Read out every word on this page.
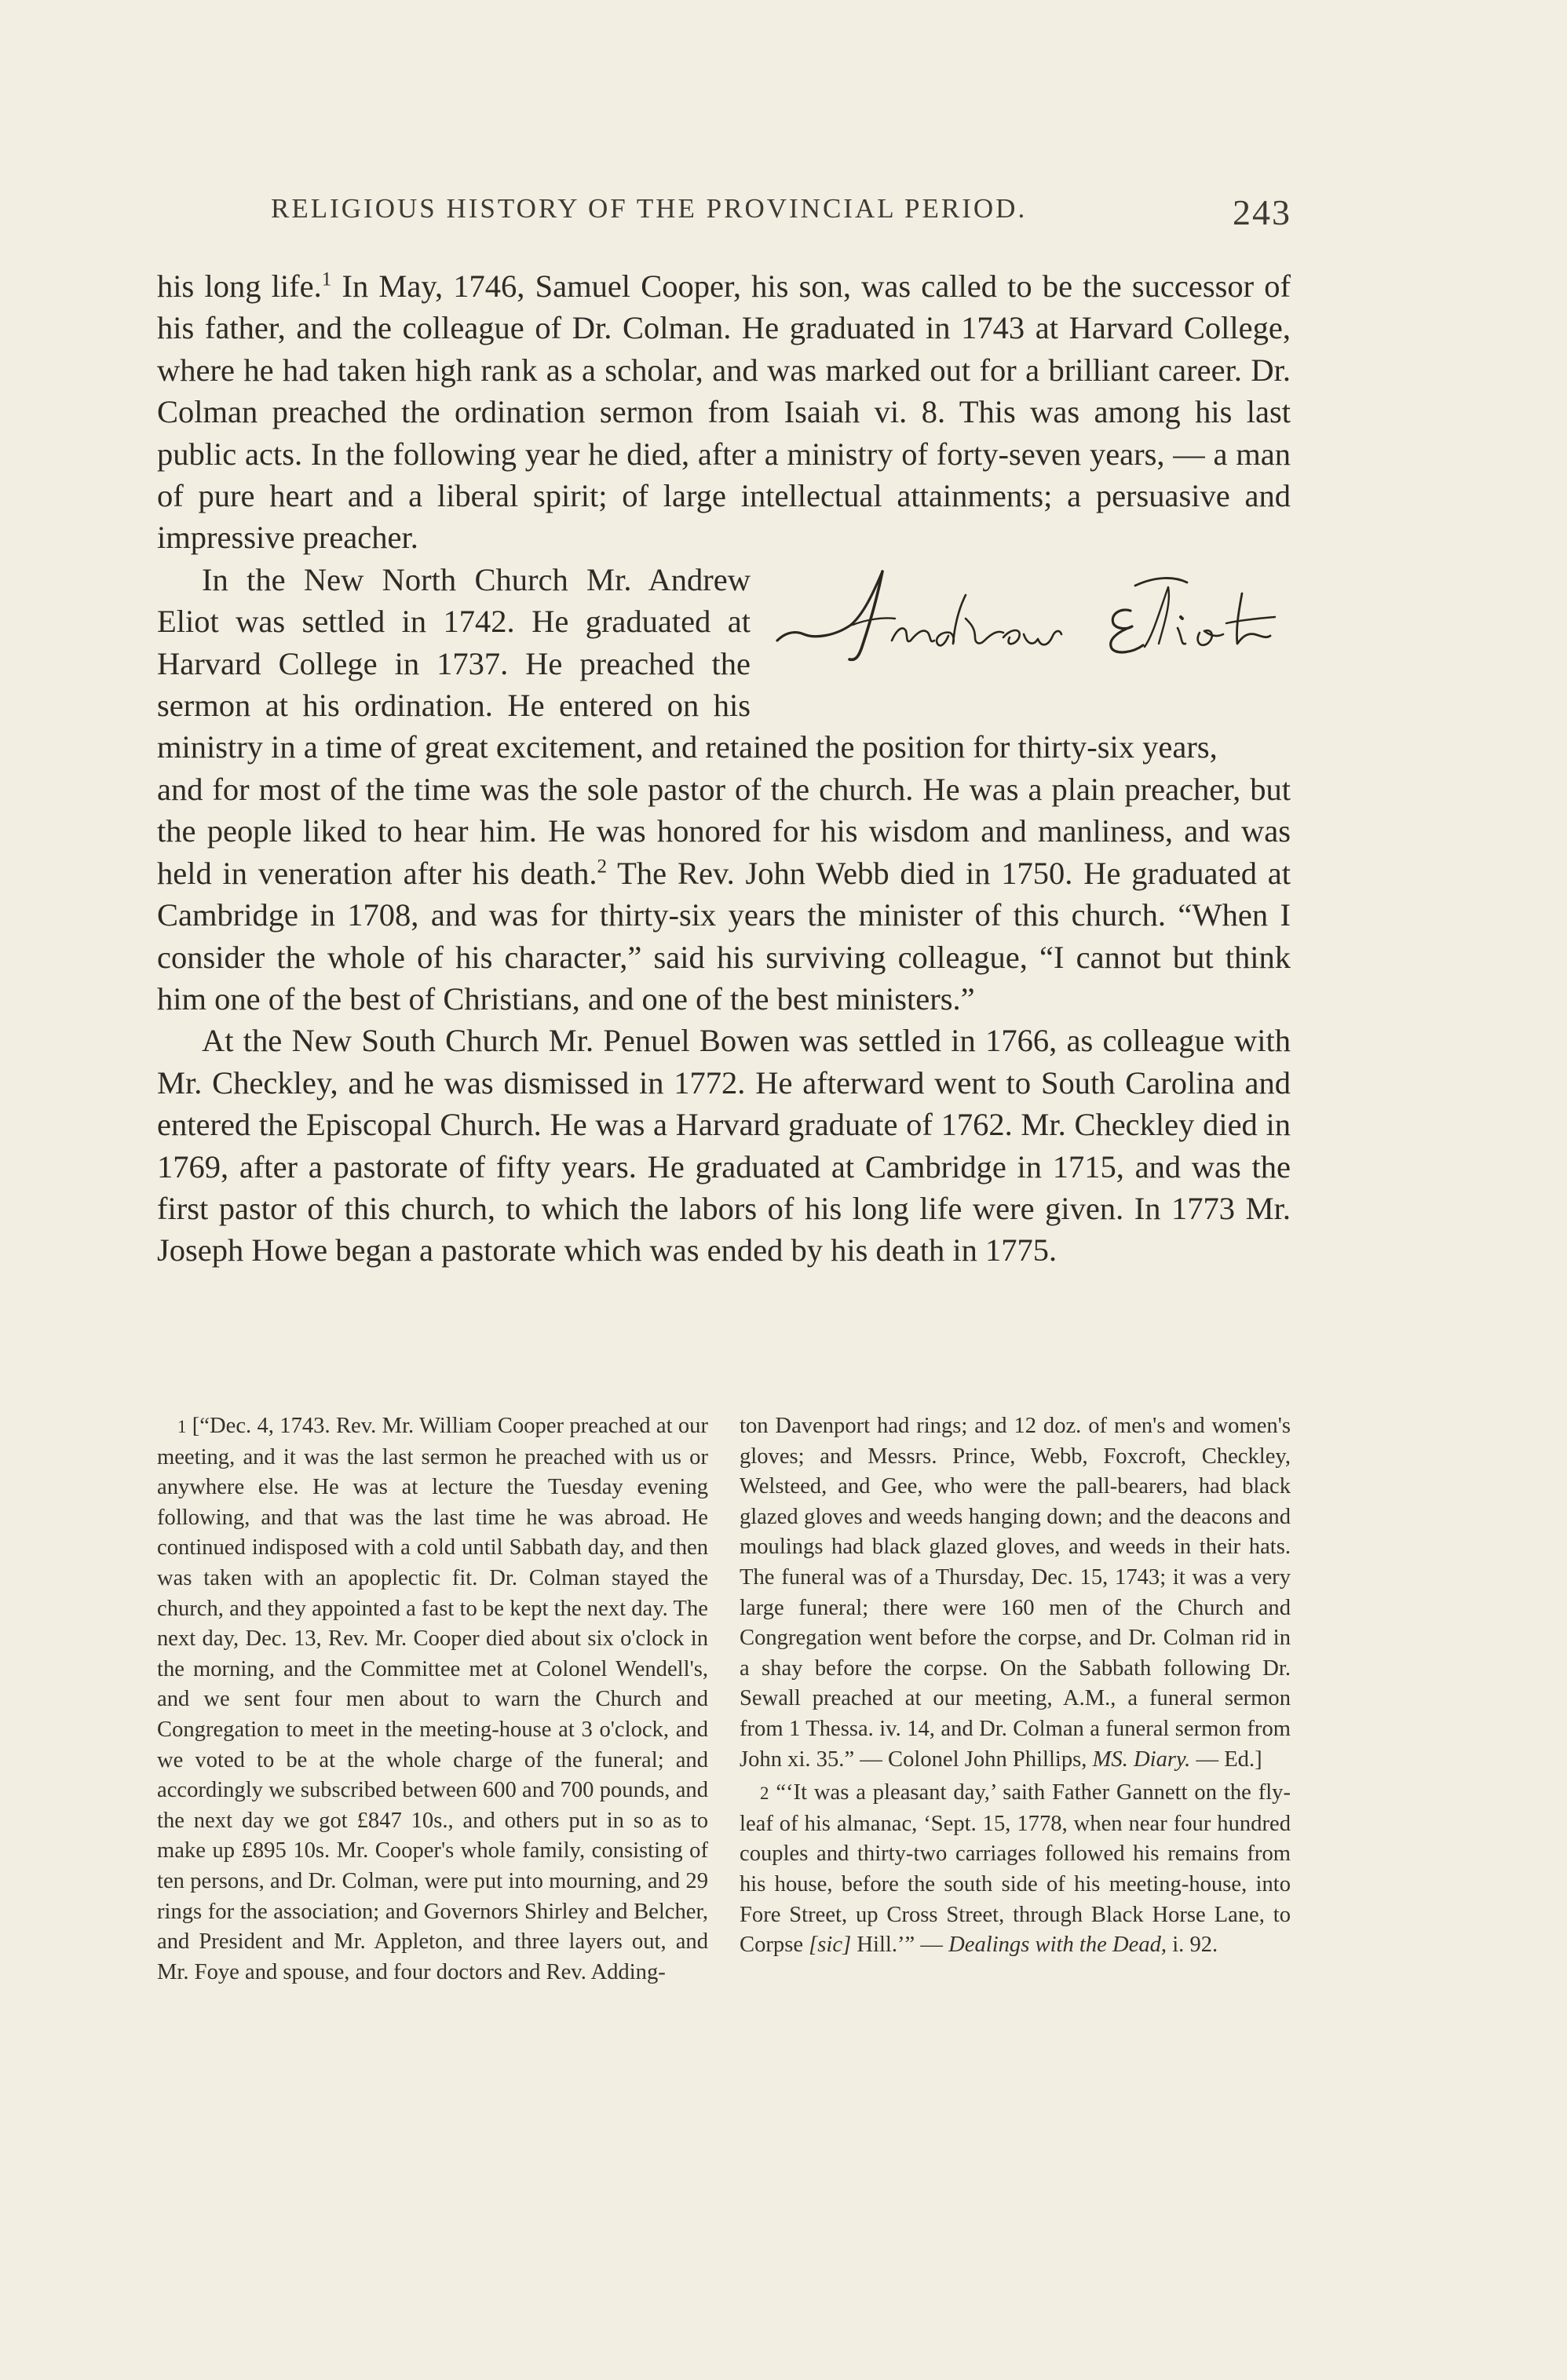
RELIGIOUS HISTORY OF THE PROVINCIAL PERIOD.	243

his long life.$^1$ In May, 1746, Samuel Cooper, his son, was called to be the successor of his father, and the colleague of Dr. Colman. He graduated in 1743 at Harvard College, where he had taken high rank as a scholar, and was marked out for a brilliant career. Dr. Colman preached the ordination sermon from Isaiah vi. 8. This was among his last public acts. In the following year he died, after a ministry of forty-seven years, — a man of pure heart and a liberal spirit; of large intellectual attainments; a persuasive and impressive preacher.

In the New North Church Mr. Andrew Eliot was settled in 1742. He graduated at Harvard College in 1737. He preached the sermon at his ordination. He entered on his ministry in a time of great excitement, and retained the position for thirty-six years,

and for most of the time was the sole pastor of the church. He was a plain preacher, but the people liked to hear him. He was honored for his wisdom and manliness, and was held in veneration after his death.$^2$ The Rev. John Webb died in 1750. He graduated at Cambridge in 1708, and was for thirty-six years the minister of this church. “When I consider the whole of his character,” said his surviving colleague, “I cannot but think him one of the best of Christians, and one of the best ministers.”

At the New South Church Mr. Penuel Bowen was settled in 1766, as colleague with Mr. Checkley, and he was dismissed in 1772. He afterward went to South Carolina and entered the Episcopal Church. He was a Harvard graduate of 1762. Mr. Checkley died in 1769, after a pastorate of fifty years. He graduated at Cambridge in 1715, and was the first pastor of this church, to which the labors of his long life were given. In 1773 Mr. Joseph Howe began a pastorate which was ended by his death in 1775.

1 [“Dec. 4, 1743. Rev. Mr. William Cooper preached at our meeting, and it was the last sermon he preached with us or anywhere else. He was at lecture the Tuesday evening following, and that was the last time he was abroad. He continued indisposed with a cold until Sabbath day, and then was taken with an apoplectic fit. Dr. Colman stayed the church, and they appointed a fast to be kept the next day. The next day, Dec. 13, Rev. Mr. Cooper died about six o'clock in the morning, and the Committee met at Colonel Wendell's, and we sent four men about to warn the Church and Congregation to meet in the meeting-house at 3 o'clock, and we voted to be at the whole charge of the funeral; and accordingly we subscribed between 600 and 700 pounds, and the next day we got £847 10s., and others put in so as to make up £895 10s. Mr. Cooper's whole family, consisting of ten persons, and Dr. Colman, were put into mourning, and 29 rings for the association; and Governors Shirley and Belcher, and President and Mr. Appleton, and three layers out, and Mr. Foye and spouse, and four doctors and Rev. Adding-

ton Davenport had rings; and 12 doz. of men's and women's gloves; and Messrs. Prince, Webb, Foxcroft, Checkley, Welsteed, and Gee, who were the pall-bearers, had black glazed gloves and weeds hanging down; and the deacons and moulings had black glazed gloves, and weeds in their hats. The funeral was of a Thursday, Dec. 15, 1743; it was a very large funeral; there were 160 men of the Church and Congregation went before the corpse, and Dr. Colman rid in a shay before the corpse. On the Sabbath following Dr. Sewall preached at our meeting, A.M., a funeral sermon from 1 Thessa. iv. 14, and Dr. Colman a funeral sermon from John xi. 35.” — Colonel John Phillips, MS. Diary. — Ed.]

2 “‘It was a pleasant day,’ saith Father Gannett on the fly-leaf of his almanac, ‘Sept. 15, 1778, when near four hundred couples and thirty-two carriages followed his remains from his house, before the south side of his meeting-house, into Fore Street, up Cross Street, through Black Horse Lane, to Corpse [sic] Hill.’” — Dealings with the Dead, i. 92.
